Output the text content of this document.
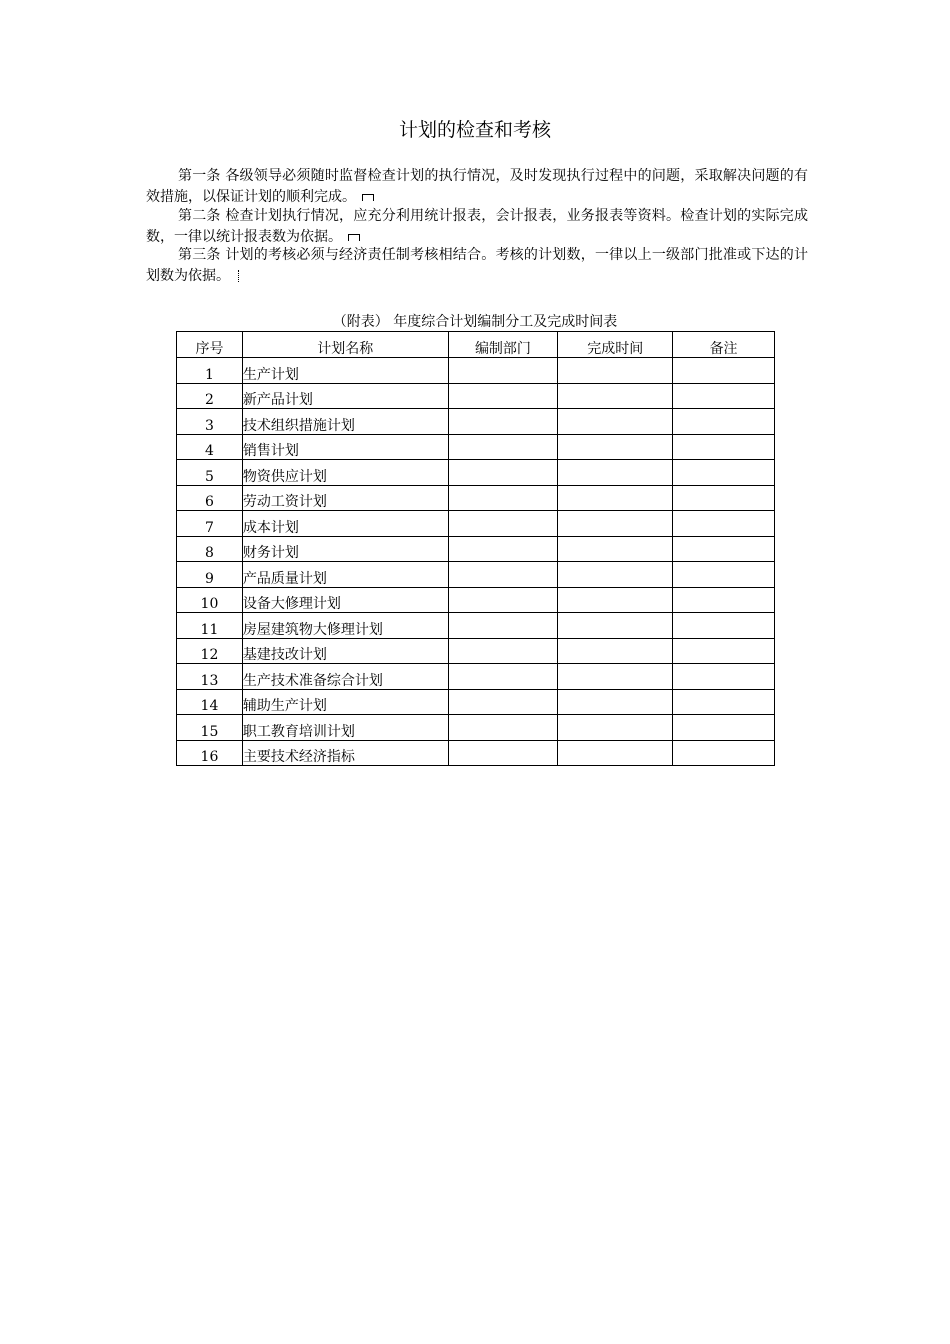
计划的检查和考核

第一条 各级领导必须随时监督检查计划的执行情况，及时发现执行过程中的问题，采取解决问题的有效措施，以保证计划的顺利完成。

第二条 检查计划执行情况，应充分利用统计报表，会计报表，业务报表等资料。检查计划的实际完成数，一律以统计报表数为依据。

第三条 计划的考核必须与经济责任制考核相结合。考核的计划数，一律以上一级部门批准或下达的计划数为依据。

（附表） 年度综合计划编制分工及完成时间表
序号	计划名称	编制部门	完成时间	备注
1	生产计划			
2	新产品计划			
3	技术组织措施计划			
4	销售计划			
5	物资供应计划			
6	劳动工资计划			
7	成本计划			
8	财务计划			
9	产品质量计划			
10	设备大修理计划			
11	房屋建筑物大修理计划			
12	基建技改计划			
13	生产技术准备综合计划			
14	辅助生产计划			
15	职工教育培训计划			
16	主要技术经济指标			
